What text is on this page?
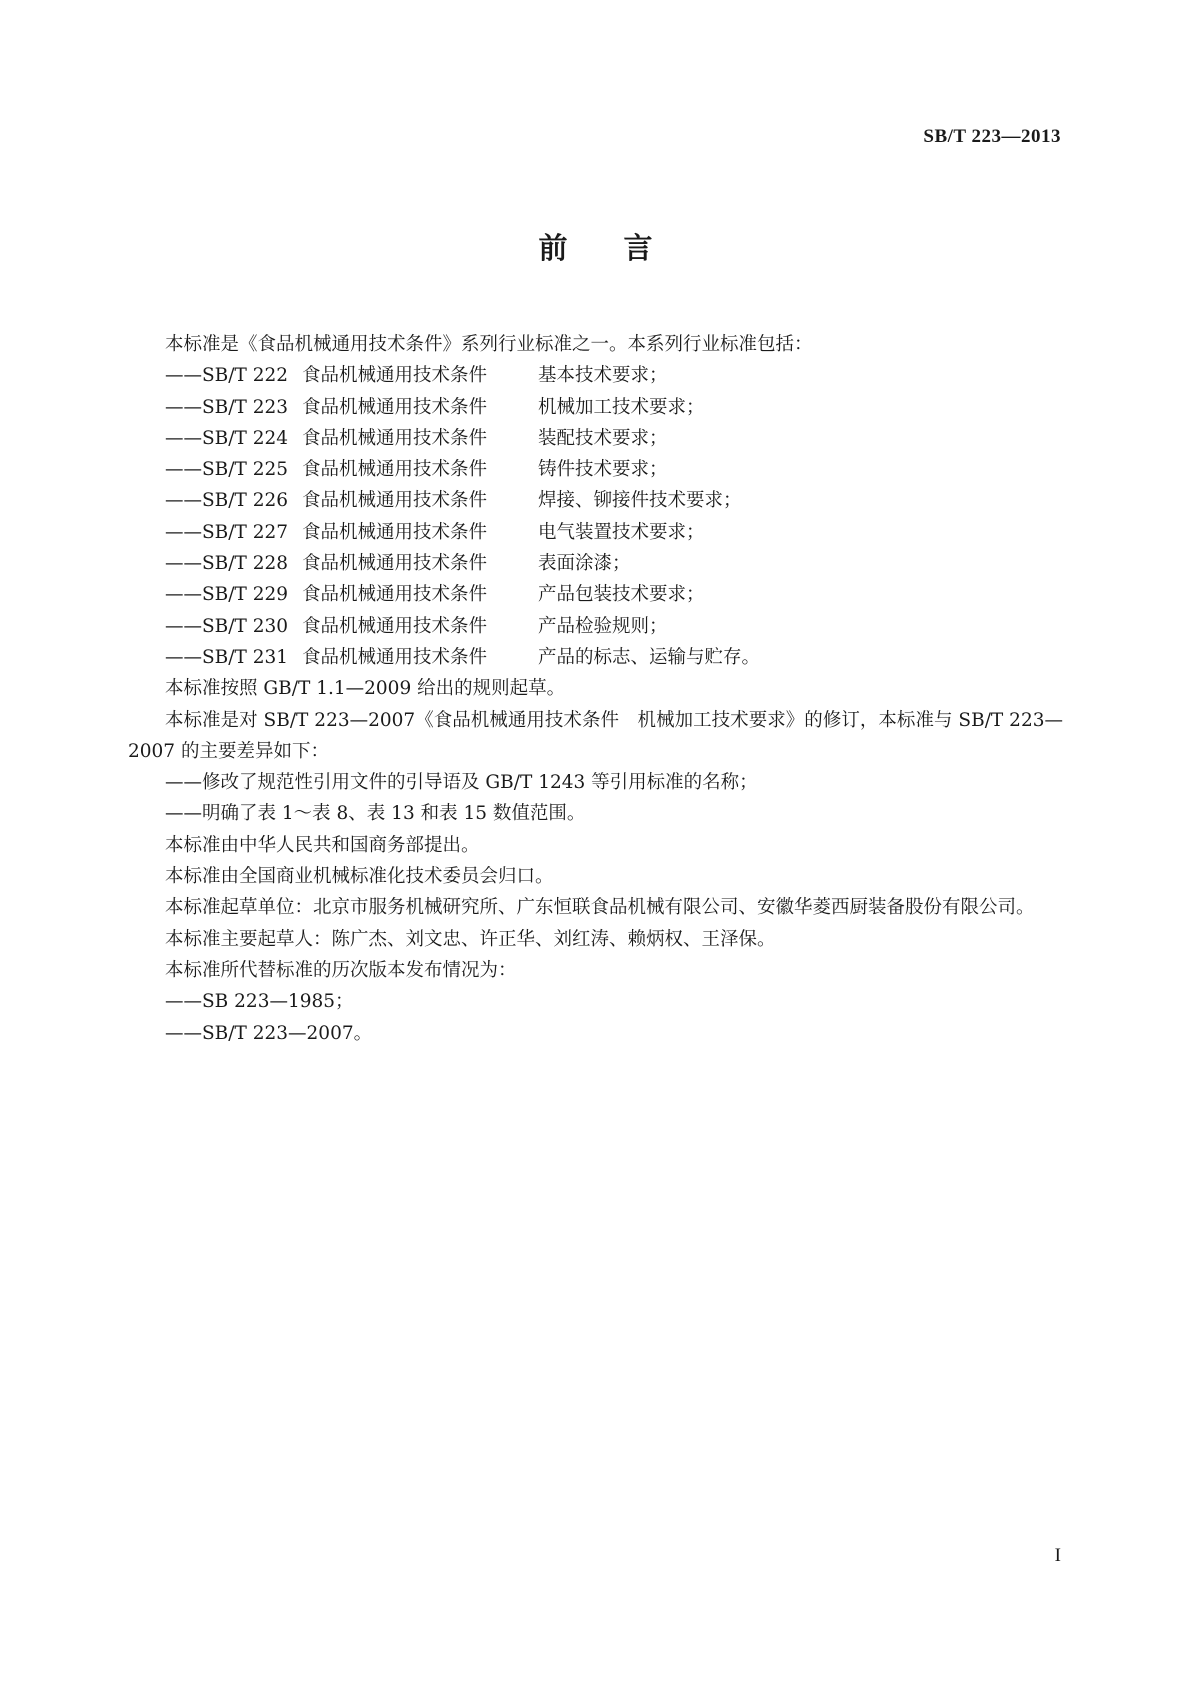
SB/T 223—2013
前言

本标准是《食品机械通用技术条件》系列行业标准之一。本系列行业标准包括：

——SB/T 222 食品机械通用技术条件	基本技术要求；

——SB/T 223 食品机械通用技术条件	机械加工技术要求；

——SB/T 224 食品机械通用技术条件	装配技术要求；

——SB/T 225 食品机械通用技术条件	铸件技术要求；

——SB/T 226 食品机械通用技术条件	焊接、铆接件技术要求；

——SB/T 227 食品机械通用技术条件	电气装置技术要求；

——SB/T 228 食品机械通用技术条件	表面涂漆；

——SB/T 229 食品机械通用技术条件	产品包装技术要求；

——SB/T 230 食品机械通用技术条件	产品检验规则；

——SB/T 231 食品机械通用技术条件	产品的标志、运输与贮存。

本标准按照 GB/T 1.1—2009 给出的规则起草。

本标准是对 SB/T 223—2007《食品机械通用技术条件　机械加工技术要求》的修订，本标准与 SB/T 223—2007 的主要差异如下：

——修改了规范性引用文件的引导语及 GB/T 1243 等引用标准的名称；

——明确了表 1～表 8、表 13 和表 15 数值范围。

本标准由中华人民共和国商务部提出。

本标准由全国商业机械标准化技术委员会归口。

本标准起草单位：北京市服务机械研究所、广东恒联食品机械有限公司、安徽华菱西厨装备股份有限公司。

本标准主要起草人：陈广杰、刘文忠、许正华、刘红涛、赖炳权、王泽保。

本标准所代替标准的历次版本发布情况为：

——SB 223—1985；

——SB/T 223—2007。

I
